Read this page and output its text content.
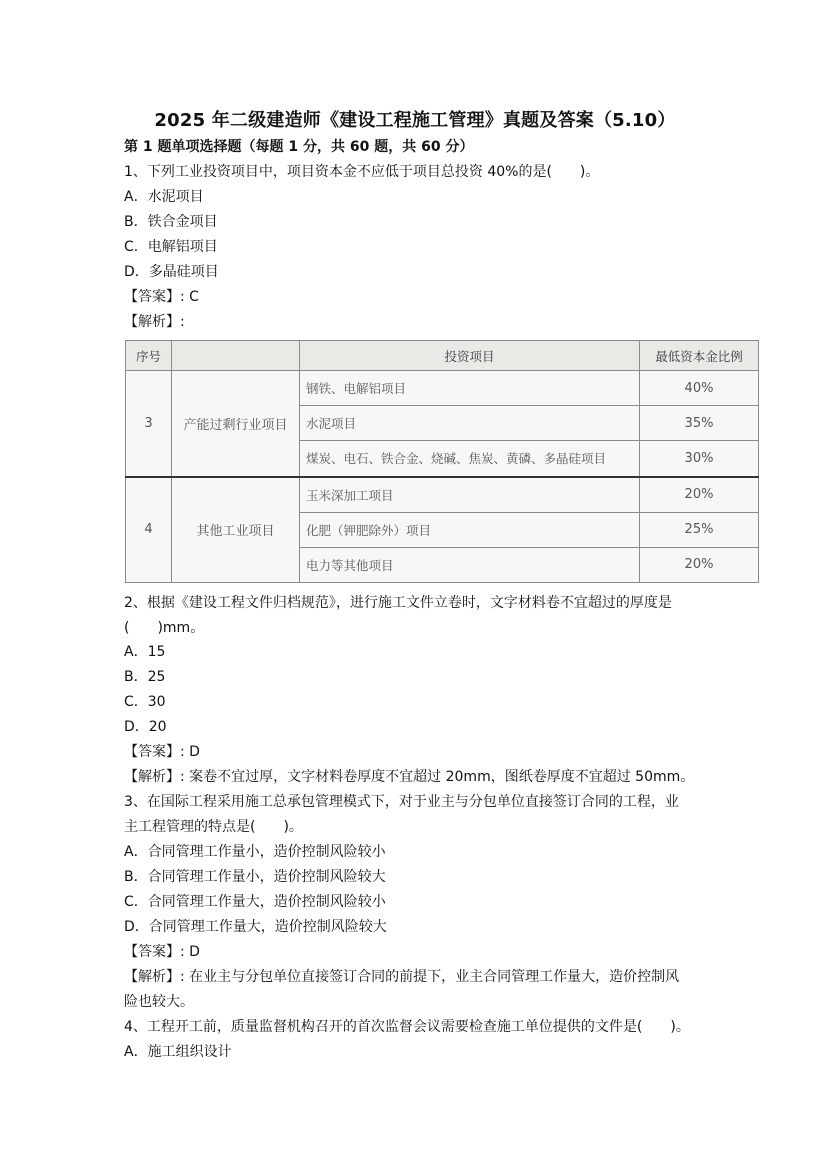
2025 年二级建造师《建设工程施工管理》真题及答案（5.10）
第 1 题单项选择题（每题 1 分，共 60 题，共 60 分）
1、下列工业投资项目中，项目资本金不应低于项目总投资 40%的是(　　)。
A．水泥项目
B．铁合金项目
C．电解铝项目
D．多晶硅项目
【答案】: C
【解析】:
序号		投资项目	最低资本金比例
3	产能过剩行业项目	钢铁、电解铝项目	40%
		水泥项目	35%
		煤炭、电石、铁合金、烧碱、焦炭、黄磷、多晶硅项目	30%
4	其他工业项目	玉米深加工项目	20%
		化肥（钾肥除外）项目	25%
		电力等其他项目	20%
2、根据《建设工程文件归档规范》，进行施工文件立卷时，文字材料卷不宜超过的厚度是
(　　)mm。
A．15
B．25
C．30
D．20
【答案】: D
【解析】: 案卷不宜过厚，文字材料卷厚度不宜超过 20mm，图纸卷厚度不宜超过 50mm。
3、在国际工程采用施工总承包管理模式下，对于业主与分包单位直接签订合同的工程，业
主工程管理的特点是(　　)。
A．合同管理工作量小，造价控制风险较小
B．合同管理工作量小，造价控制风险较大
C．合同管理工作量大，造价控制风险较小
D．合同管理工作量大，造价控制风险较大
【答案】: D
【解析】: 在业主与分包单位直接签订合同的前提下，业主合同管理工作量大，造价控制风
险也较大。
4、工程开工前，质量监督机构召开的首次监督会议需要检查施工单位提供的文件是(　　)。
A．施工组织设计
